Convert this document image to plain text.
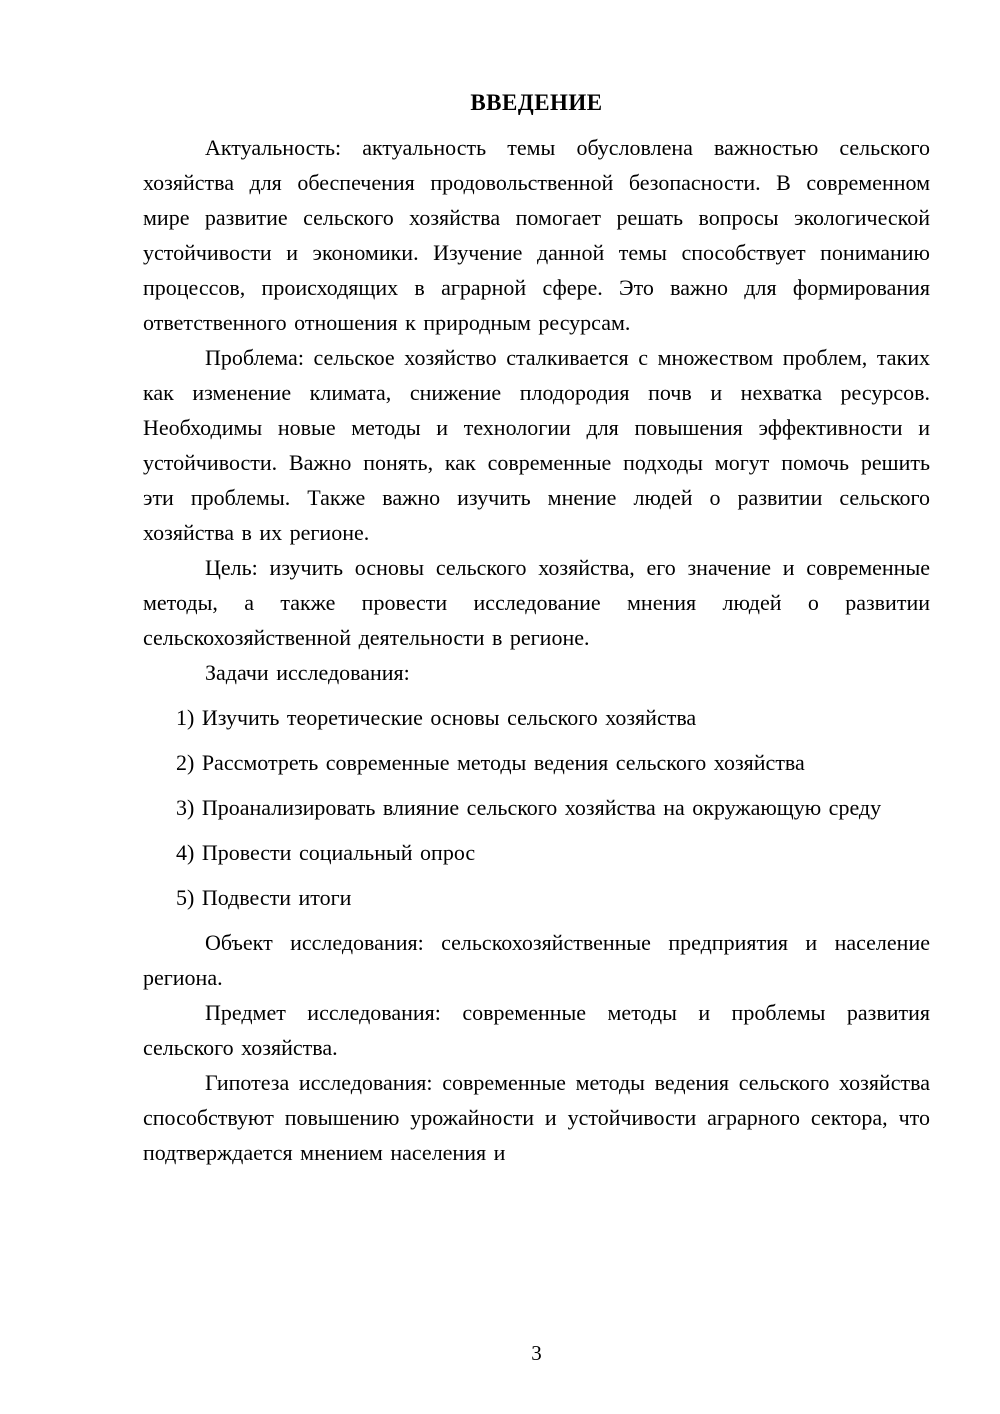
ВВЕДЕНИЕ

Актуальность: актуальность темы обусловлена важностью сельского хозяйства для обеспечения продовольственной безопасности. В современном мире развитие сельского хозяйства помогает решать вопросы экологической устойчивости и экономики. Изучение данной темы способствует пониманию процессов, происходящих в аграрной сфере. Это важно для формирования ответственного отношения к природным ресурсам.

Проблема: сельское хозяйство сталкивается с множеством проблем, таких как изменение климата, снижение плодородия почв и нехватка ресурсов. Необходимы новые методы и технологии для повышения эффективности и устойчивости. Важно понять, как современные подходы могут помочь решить эти проблемы. Также важно изучить мнение людей о развитии сельского хозяйства в их регионе.

Цель: изучить основы сельского хозяйства, его значение и современные методы, а также провести исследование мнения людей о развитии сельскохозяйственной деятельности в регионе.

Задачи исследования:

1) Изучить теоретические основы сельского хозяйства

2) Рассмотреть современные методы ведения сельского хозяйства

3) Проанализировать влияние сельского хозяйства на окружающую среду

4) Провести социальный опрос

5) Подвести итоги

Объект исследования: сельскохозяйственные предприятия и население региона.

Предмет исследования: современные методы и проблемы развития сельского хозяйства.

Гипотеза исследования: современные методы ведения сельского хозяйства способствуют повышению урожайности и устойчивости аграрного сектора, что подтверждается мнением населения и

3
